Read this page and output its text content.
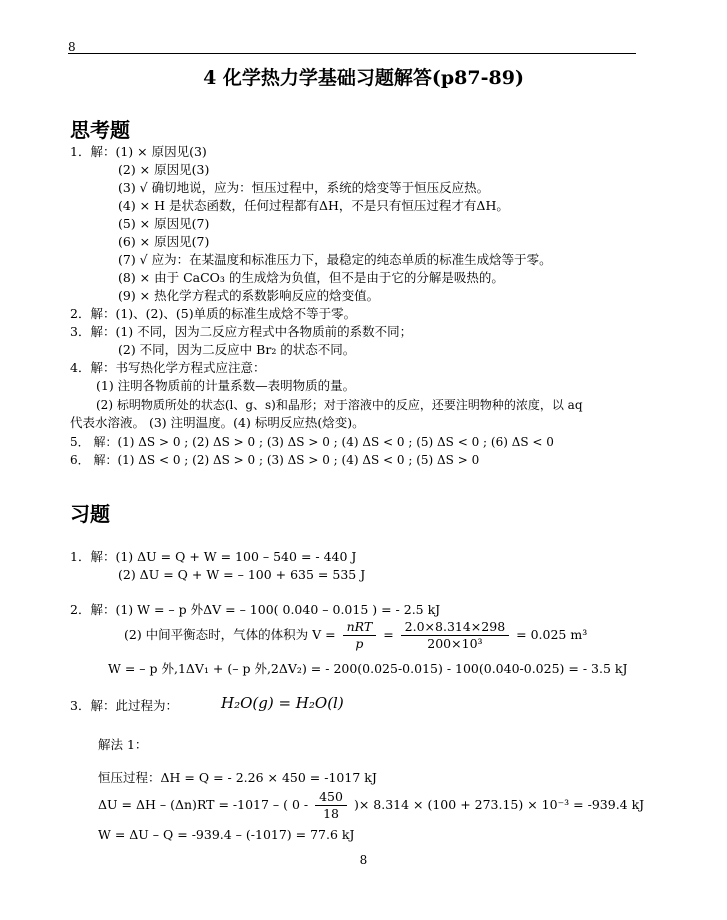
8
4 化学热力学基础习题解答(p87-89)
思考题
1．解：(1) × 原因见(3)
(2) × 原因见(3)
(3) √ 确切地说，应为：恒压过程中，系统的焓变等于恒压反应热。
(4) × H 是状态函数，任何过程都有ΔH，不是只有恒压过程才有ΔH。
(5) × 原因见(7)
(6) × 原因见(7)
(7) √ 应为：在某温度和标准压力下，最稳定的纯态单质的标准生成焓等于零。
(8) × 由于 CaCO₃ 的生成焓为负值，但不是由于它的分解是吸热的。
(9) × 热化学方程式的系数影响反应的焓变值。
2．解：(1)、(2)、(5)单质的标准生成焓不等于零。
3．解：(1) 不同，因为二反应方程式中各物质前的系数不同；
(2) 不同，因为二反应中 Br₂ 的状态不同。
4．解：书写热化学方程式应注意：
(1) 注明各物质前的计量系数—表明物质的量。
(2) 标明物质所处的状态(l、g、s)和晶形；对于溶液中的反应，还要注明物种的浓度，以 aq
代表水溶液。 (3) 注明温度。(4) 标明反应热(焓变)。
5． 解：(1) ΔS > 0 ; (2) ΔS > 0 ; (3) ΔS > 0 ; (4) ΔS < 0 ; (5) ΔS < 0 ; (6) ΔS < 0
6． 解：(1) ΔS < 0 ; (2) ΔS > 0 ; (3) ΔS > 0 ; (4) ΔS < 0 ; (5) ΔS > 0
习题
1．解：(1) ΔU = Q + W = 100 – 540 = - 440 J
(2) ΔU = Q + W = – 100 + 635 = 535 J
2．解：(1) W = – p 外ΔV = – 100( 0.040 – 0.015 ) = - 2.5 kJ
(2) 中间平衡态时，气体的体积为 $V = \frac{\text{nRT}}{p} = \frac{2.0\times 8.314\times 298}{\text{200×10³}} = 0.025$ m³
W = – p 外,1ΔV₁ + (– p 外,2ΔV₂) = - 200(0.025-0.015) - 100(0.040-0.025) = - 3.5 kJ
3．解：此过程为：	H₂O(g) = H₂O(l)
解法 1：
恒压过程：ΔH = Q = - 2.26 × 450 = -1017 kJ
ΔU = ΔH – (Δn)RT = -1017 – ( $0 - \frac{450}{18}$ )× 8.314 × (100 + 273.15) × 10⁻³ = -939.4 kJ
W = ΔU – Q = -939.4 – (-1017) = 77.6 kJ
8
